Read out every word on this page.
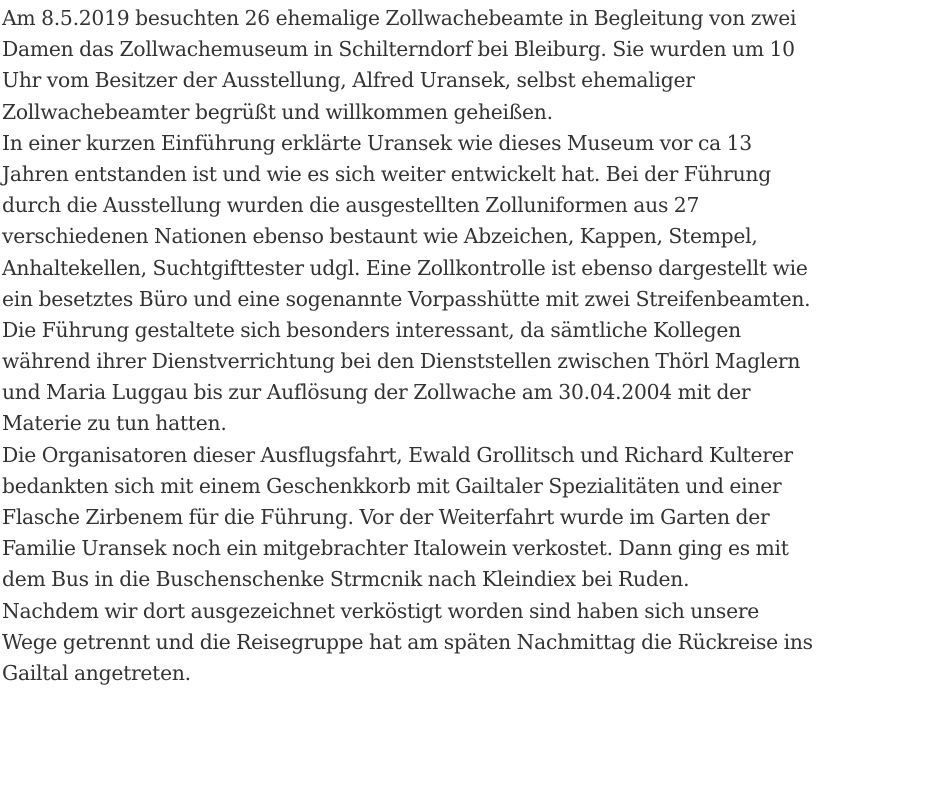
Am 8.5.2019 besuchten 26 ehemalige Zollwachebeamte in Begleitung von zwei
Damen das Zollwachemuseum in Schilterndorf bei Bleiburg. Sie wurden um 10
Uhr vom Besitzer der Ausstellung, Alfred Uransek, selbst ehemaliger
Zollwachebeamter begrüßt und willkommen geheißen.
In einer kurzen Einführung erklärte Uransek wie dieses Museum vor ca 13
Jahren entstanden ist und wie es sich weiter entwickelt hat. Bei der Führung
durch die Ausstellung wurden die ausgestellten Zolluniformen aus 27
verschiedenen Nationen ebenso bestaunt wie Abzeichen, Kappen, Stempel,
Anhaltekellen, Suchtgifttester udgl. Eine Zollkontrolle ist ebenso dargestellt wie
ein besetztes Büro und eine sogenannte Vorpasshütte mit zwei Streifenbeamten.
Die Führung gestaltete sich besonders interessant, da sämtliche Kollegen
während ihrer Dienstverrichtung bei den Dienststellen zwischen Thörl Maglern
und Maria Luggau bis zur Auflösung der Zollwache am 30.04.2004 mit der
Materie zu tun hatten.
Die Organisatoren dieser Ausflugsfahrt, Ewald Grollitsch und Richard Kulterer
bedankten sich mit einem Geschenkkorb mit Gailtaler Spezialitäten und einer
Flasche Zirbenem für die Führung. Vor der Weiterfahrt wurde im Garten der
Familie Uransek noch ein mitgebrachter Italowein verkostet. Dann ging es mit
dem Bus in die Buschenschenke Strmcnik nach Kleindiex bei Ruden.
Nachdem wir dort ausgezeichnet verköstigt worden sind haben sich unsere
Wege getrennt und die Reisegruppe hat am späten Nachmittag die Rückreise ins
Gailtal angetreten.
